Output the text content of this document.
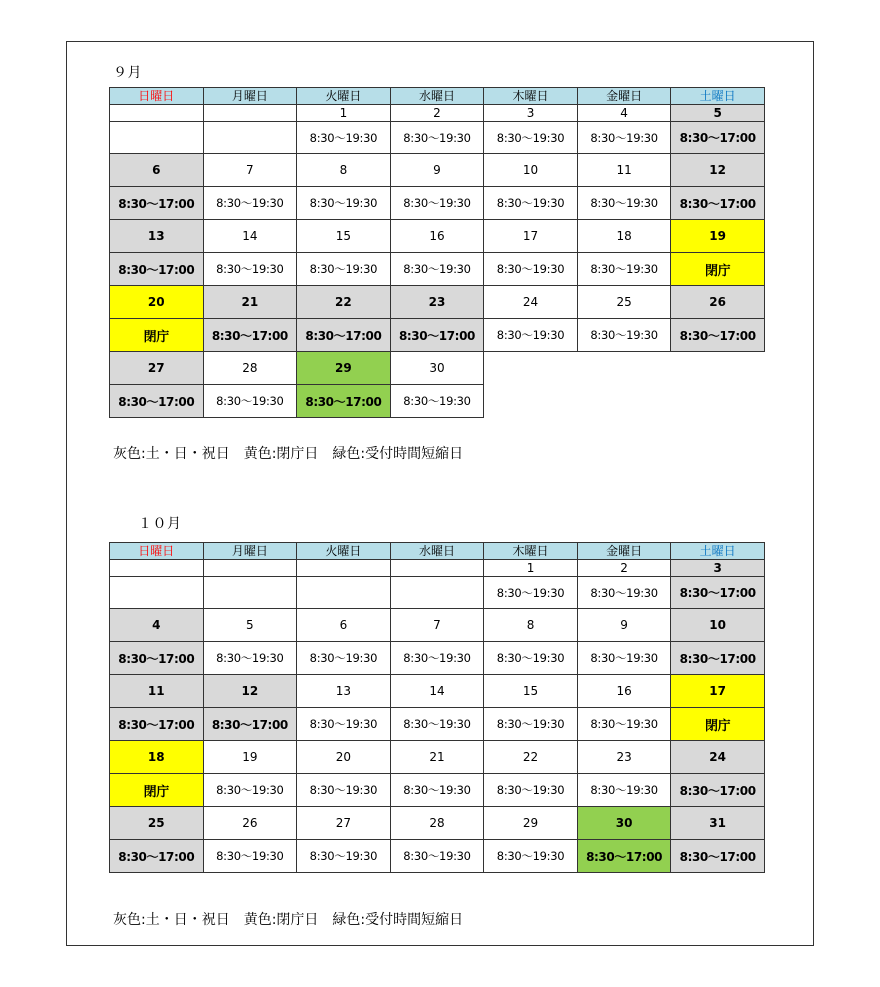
９月
日曜日	月曜日	火曜日	水曜日	木曜日	金曜日	土曜日
		1	2	3	4	5
		8:30～19:30	8:30～19:30	8:30～19:30	8:30～19:30	8:30～17:00
6	7	8	9	10	11	12
8:30～17:00	8:30～19:30	8:30～19:30	8:30～19:30	8:30～19:30	8:30～19:30	8:30～17:00
13	14	15	16	17	18	19
8:30～17:00	8:30～19:30	8:30～19:30	8:30～19:30	8:30～19:30	8:30～19:30	閉庁
20	21	22	23	24	25	26
閉庁	8:30～17:00	8:30～17:00	8:30～17:00	8:30～19:30	8:30～19:30	8:30～17:00
27	28	29	30			
8:30～17:00	8:30～19:30	8:30～17:00	8:30～19:30			
灰色:土・日・祝日　黄色:閉庁日　緑色:受付時間短縮日
１０月
日曜日	月曜日	火曜日	水曜日	木曜日	金曜日	土曜日
				1	2	3
				8:30～19:30	8:30～19:30	8:30～17:00
4	5	6	7	8	9	10
8:30～17:00	8:30～19:30	8:30～19:30	8:30～19:30	8:30～19:30	8:30～19:30	8:30～17:00
11	12	13	14	15	16	17
8:30～17:00	8:30～17:00	8:30～19:30	8:30～19:30	8:30～19:30	8:30～19:30	閉庁
18	19	20	21	22	23	24
閉庁	8:30～19:30	8:30～19:30	8:30～19:30	8:30～19:30	8:30～19:30	8:30～17:00
25	26	27	28	29	30	31
8:30～17:00	8:30～19:30	8:30～19:30	8:30～19:30	8:30～19:30	8:30～17:00	8:30～17:00
灰色:土・日・祝日　黄色:閉庁日　緑色:受付時間短縮日
